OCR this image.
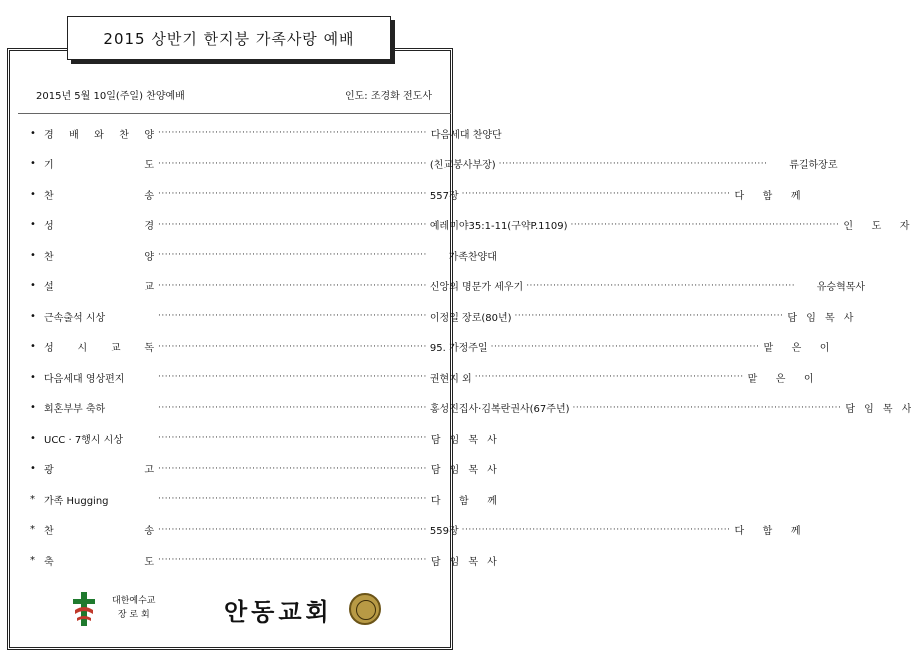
2015 상반기 한지붕 가족사랑 예배
2015년 5월 10일(주일) 찬양예배	인도: 조경화 전도사
• 경 배 와 찬 양 ················································································ 다음세대 찬양단
• 기	도 ················································································ (친교봉사부장) ················································································	류길하장로
• 찬	송 ················································································ 557장 ················································································ 다 함 께
• 성	경 ················································································ 예레미야35:1-11(구약P.1109) ················································································ 인 도 자
• 찬	양 ················································································	가족찬양대
• 설	교 ················································································ 신앙의 명문가 세우기 ················································································	유승혁목사
• 근속출석 시상	················································································ 이정일 장로(80년) ················································································ 담 임 목 사
• 성 시 교 독 ················································································ 95. 가정주일 ················································································ 맡 은 이
• 다음세대 영상편지	················································································ 권현지 외 ················································································ 맡 은 이
• 회혼부부 축하	················································································ 홍성진집사·김복란권사(67주년) ················································································ 담 임 목 사
• UCC · 7행시 시상	················································································ 담 임 목 사
• 광	고 ················································································ 담 임 목 사
* 가족 Hugging	················································································ 다 함 께
* 찬	송 ················································································ 559장 ················································································ 다 함 께
* 축	도 ················································································ 담 임 목 사
대한예수교
장 로 회	안동교회
